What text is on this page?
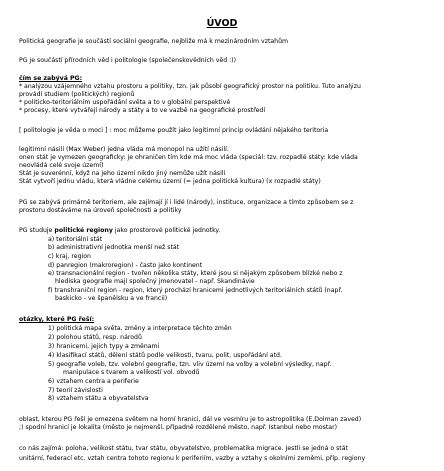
ÚVOD
Politická geografie je součástí sociální geografie, nejbliže má k mezinárodním vztahům
PG je součástí přírodních věd i politologie (společenskovědních věd :))
čím se zabývá PG:
* analýzou vzájemného vztahu prostoru a politiky, tzn. jak působí geografický prostor na politiku. Tuto analýzu
provádí studiem (politických) regionů
* politicko-teritoriálním uspořádání světa a to v globální perspektivě
* procesy, které vytvářejí národy a státy a to ve vazbě na geografické prostředí
[ politologie je věda o moci ] : moc můžeme použít jako legitimní princip ovládání nějakého teritoria
legitimní násilí (Max Weber) jedna vláda má monopol na užití násilí.
onen stát je vymezen geograficky: je ohraničen tím kde má moc vláda (speciál: tzv. rozpadlé státy: kde vláda
neovládá celé svoje území)
Stát je suverénní, když na jeho území nikdo jiný nemůže užít násilí
Stát vytvoří jednu vládu, která vládne celému území (= jedna politická kultura) (x rozpadlé státy)
PG se zabývá primárně teritoriem, ale zajímají jí i lidé (národy), instituce, organizace a tímto způsobem se z
prostoru dostáváme na úroveň společnosti a politiky
PG studuje politické regiony jako prostorové politické jednotky.
a) teritoriální stát
b) administrativní jednotka menší než stát
c) kraj, region
d) panregion (makroregion) - často jako kontinent
e) transnacionální region - tvořen několika státy, které jsou si nějakým způsobem blízké nebo z
hlediska geografie mají společný jmenovatel - např. Skandinávie
f) transhraniční region - region, který prochází hranicemi jednotlivých teritoriálních států (např.
baskicko - ve španělsku a ve francii)
otázky, které PG řeší:
1) politická mapa světa, změny a interpretace těchto změn
2) polohou států, resp. národů
3) hranicemi, jejich typy a změnami
4) klasifikací států, dělení států podle velikosti, tvaru, polit. uspořádání atd.
5) geografie voleb, tzv. volební geografie, tzn. vliv území na volby a volební výsledky, např.
manipulace s tvarem a velikostí vol. obvodů
6) vztahem centra a periferie
7) teorií závislosti
8) vztahem státu a obyvatelstva
oblast, kterou PG řeší je omezena světem na horní hranici, dál ve vesmíru je to astropolitika (E.Dolman zaved)
;) spodní hranicí je lokalita (město je nejmenší, případně rozdělené město, např. Istanbul nebo mostar)
co nás zajímá: poloha, velikost státu, tvar státu, obyvatelstvo, problematika migrace. Jestli se jedná o stát
unitární, federací etc. vztah centra tohoto regionu k periferiím, vazby a vztahy s okolními zeměmi, příp. regiony
